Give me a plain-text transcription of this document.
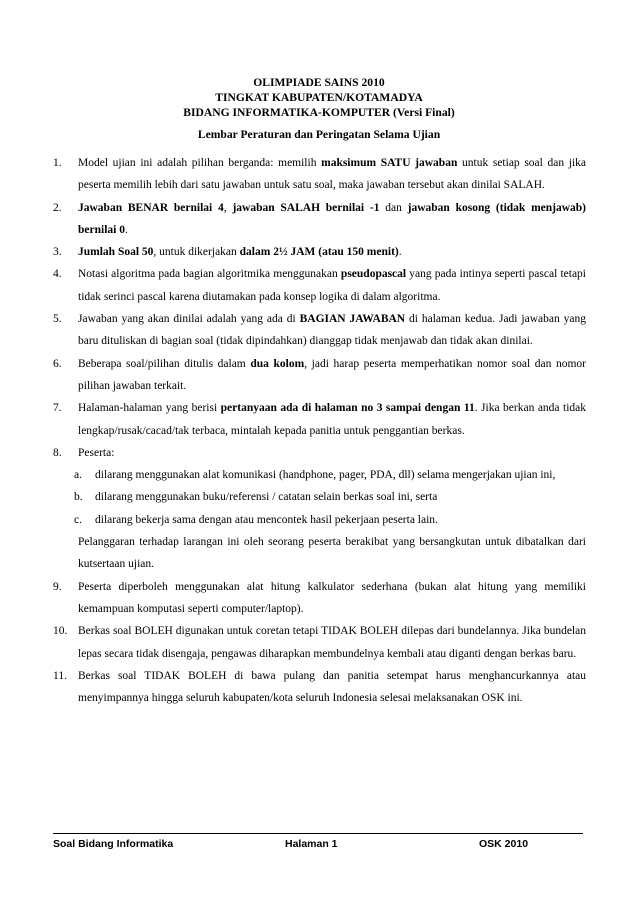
OLIMPIADE SAINS 2010
TINGKAT KABUPATEN/KOTAMADYA
BIDANG INFORMATIKA-KOMPUTER (Versi Final)
Lembar Peraturan dan Peringatan Selama Ujian
1. Model ujian ini adalah pilihan berganda: memilih maksimum SATU jawaban untuk setiap soal dan jika peserta memilih lebih dari satu jawaban untuk satu soal, maka jawaban tersebut akan dinilai SALAH.
2. Jawaban BENAR bernilai 4, jawaban SALAH bernilai -1 dan jawaban kosong (tidak menjawab) bernilai 0.
3. Jumlah Soal 50, untuk dikerjakan dalam 2½ JAM (atau 150 menit).
4. Notasi algoritma pada bagian algoritmika menggunakan pseudopascal yang pada intinya seperti pascal tetapi tidak serinci pascal karena diutamakan pada konsep logika di dalam algoritma.
5. Jawaban yang akan dinilai adalah yang ada di BAGIAN JAWABAN di halaman kedua. Jadi jawaban yang baru dituliskan di bagian soal (tidak dipindahkan) dianggap tidak menjawab dan tidak akan dinilai.
6. Beberapa soal/pilihan ditulis dalam dua kolom, jadi harap peserta memperhatikan nomor soal dan nomor pilihan jawaban terkait.
7. Halaman-halaman yang berisi pertanyaan ada di halaman no 3 sampai dengan 11. Jika berkan anda tidak lengkap/rusak/cacad/tak terbaca, mintalah kepada panitia untuk penggantian berkas.
8. Peserta:
a. dilarang menggunakan alat komunikasi (handphone, pager, PDA, dll) selama mengerjakan ujian ini,
b. dilarang menggunakan buku/referensi / catatan selain berkas soal ini, serta
c. dilarang bekerja sama dengan atau mencontek hasil pekerjaan peserta lain.
Pelanggaran terhadap larangan ini oleh seorang peserta berakibat yang bersangkutan untuk dibatalkan dari kutsertaan ujian.
9. Peserta diperboleh menggunakan alat hitung kalkulator sederhana (bukan alat hitung yang memiliki kemampuan komputasi seperti computer/laptop).
10. Berkas soal BOLEH digunakan untuk coretan tetapi TIDAK BOLEH dilepas dari bundelannya. Jika bundelan lepas secara tidak disengaja, pengawas diharapkan membundelnya kembali atau diganti dengan berkas baru.
11. Berkas soal TIDAK BOLEH di bawa pulang dan panitia setempat harus menghancurkannya atau menyimpannya hingga seluruh kabupaten/kota seluruh Indonesia selesai melaksanakan OSK ini.
Soal Bidang Informatika	Halaman 1	OSK 2010
